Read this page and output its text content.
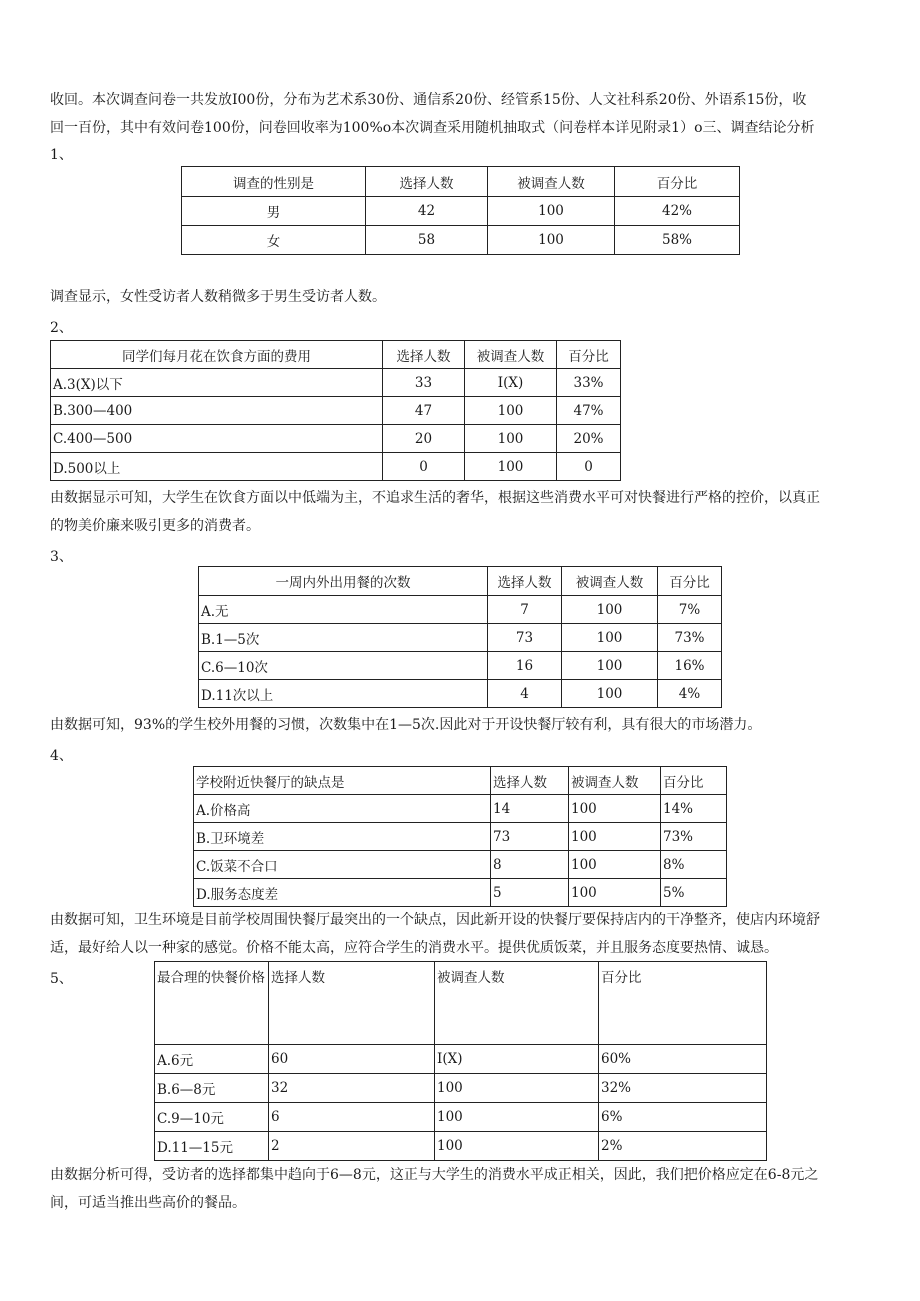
收回。本次调查问卷一共发放I00份，分布为艺术系30份、通信系20份、经管系15份、人文社科系20份、外语系15份，收
回一百份，其中有效问卷100份，问卷回收率为100%o本次调查采用随机抽取式（问卷样本详见附录1）o三、调查结论分析
1、
调查的性别是	选择人数	被调查人数	百分比
男	42	100	42%
女	58	100	58%
调查显示，女性受访者人数稍微多于男生受访者人数。
2、
同学们每月花在饮食方面的费用	选择人数	被调查人数	百分比
A.3(X)以下	33	I(X)	33%
B.300—400	47	100	47%
C.400—500	20	100	20%
D.500以上	0	100	0
由数据显示可知，大学生在饮食方面以中低端为主，不追求生活的奢华，根据这些消费水平可对快餐进行严格的控价，以真正
的物美价廉来吸引更多的消费者。
3、
一周内外出用餐的次数	选择人数	被调查人数	百分比
A.无	7	100	7%
B.1—5次	73	100	73%
C.6—10次	16	100	16%
D.11次以上	4	100	4%
由数据可知，93%的学生校外用餐的习惯，次数集中在1—5次.因此对于开设快餐厅较有利，具有很大的市场潜力。
4、
学校附近快餐厅的缺点是	选择人数	被调查人数	百分比
A.价格高	14	100	14%
B.卫环境差	73	100	73%
C.饭菜不合口	8	100	8%
D.服务态度差	5	100	5%
由数据可知，卫生环境是目前学校周围快餐厅最突出的一个缺点，因此新开设的快餐厅要保持店内的干净整齐，使店内环境舒
适，最好给人以一种家的感觉。价格不能太高，应符合学生的消费水平。提供优质饭菜，并且服务态度要热情、诚恳。
5、	最合理的快餐价格	选择人数	被调查人数	百分比
A.6元	60	I(X)	60%
B.6—8元	32	100	32%
C.9—10元	6	100	6%
D.11—15元	2	100	2%
由数据分析可得，受访者的选择都集中趋向于6—8元，这正与大学生的消费水平成正相关，因此，我们把价格应定在6-8元之
间，可适当推出些高价的餐品。
